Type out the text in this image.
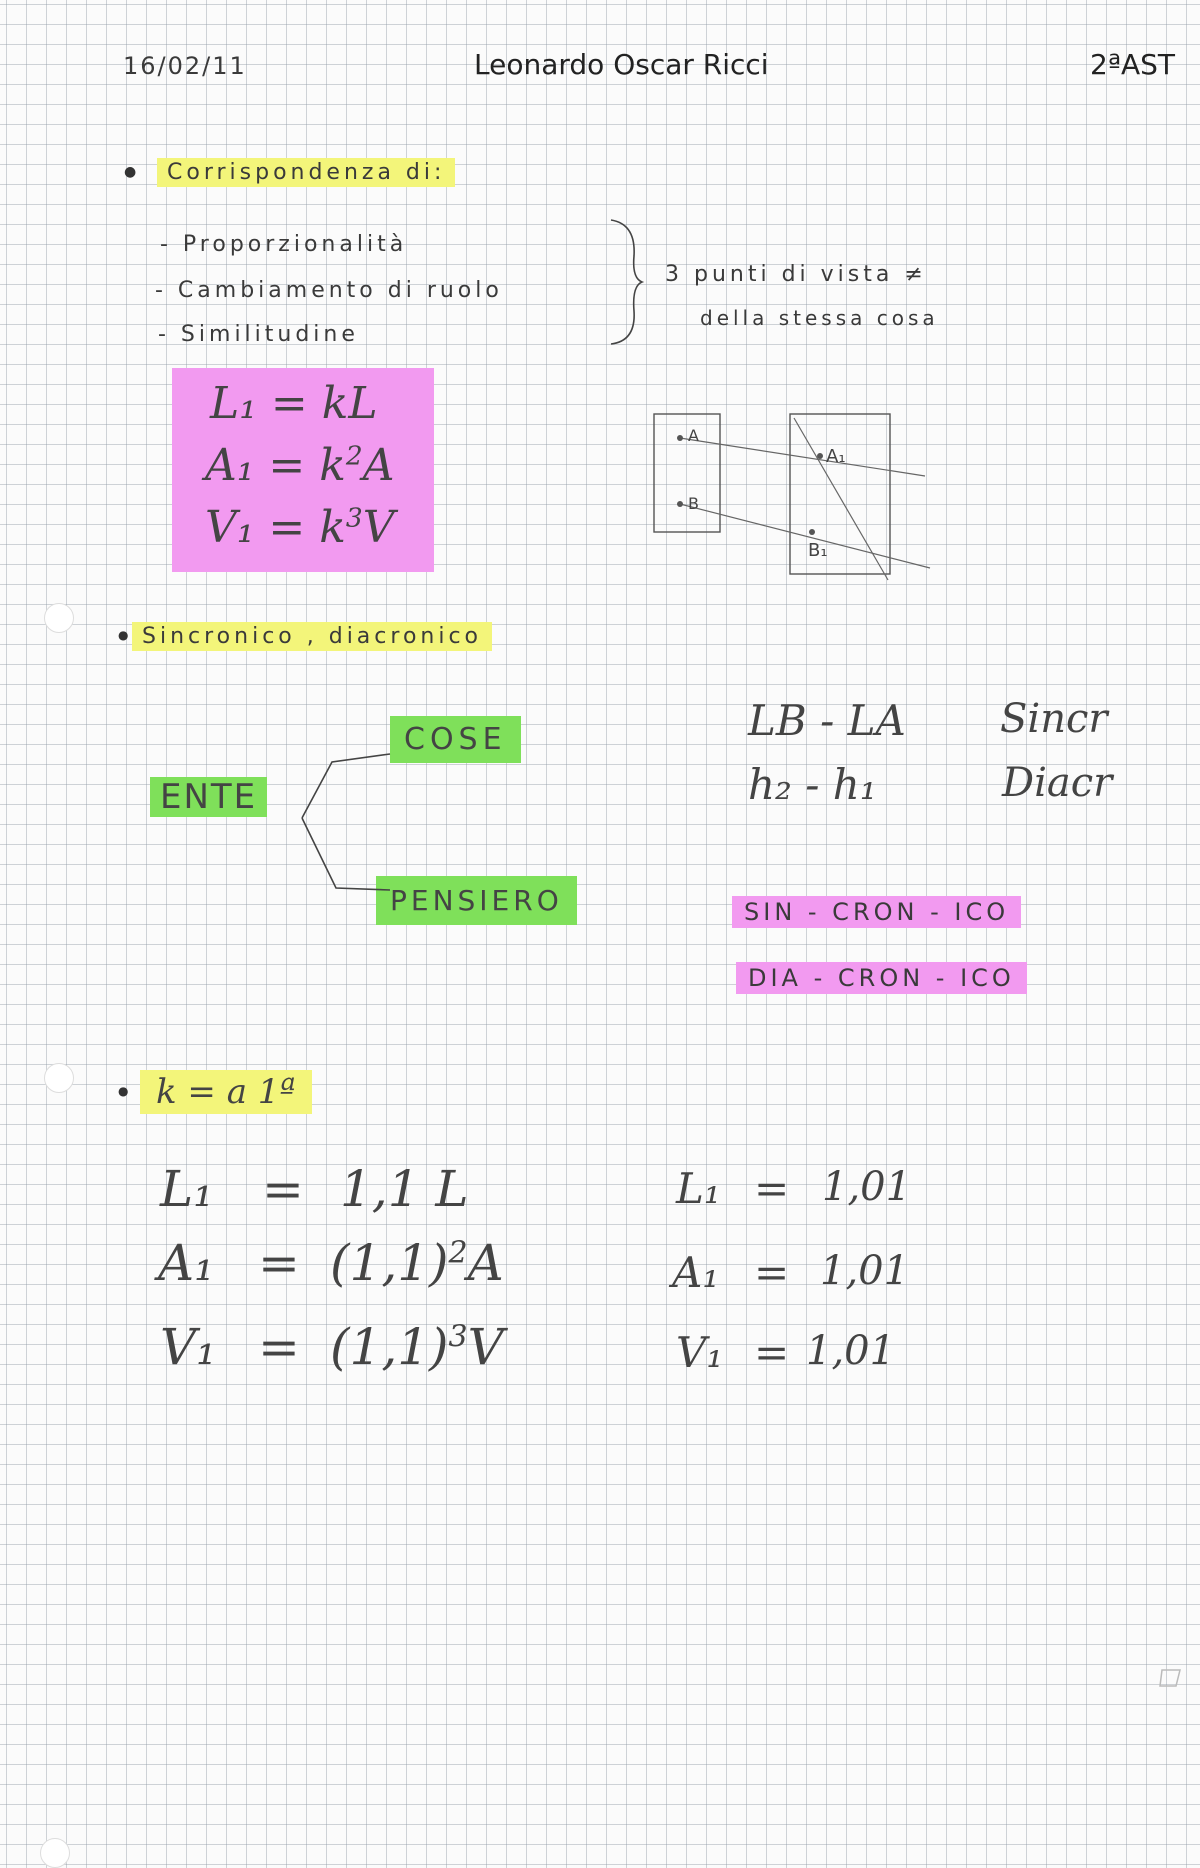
16/02/11	Leonardo Oscar Ricci	2ªAST
●	Corrispondenza di:
- Proporzionalità
- Cambiamento di ruolo
- Similitudine
3 punti di vista ≠
della stessa cosa
L₁ = kL
$A_1 = k^2A$
$V_1 = k^3V$
A
A₁
B
B₁
● Sincronico , diacronico
ENTE
COSE
PENSIERO
LB - LA Sincr
h₂ - h₁	Diacr
SIN - CRON - ICO
DIA - CRON - ICO
● k = a 1ª
L₁ = 1,1 L
$A_1 = (1,1)^2A$
$V_1 = (1,1)^3V$
L₁ = 1,01
A₁ = 1,01
V₁ = 1,01
